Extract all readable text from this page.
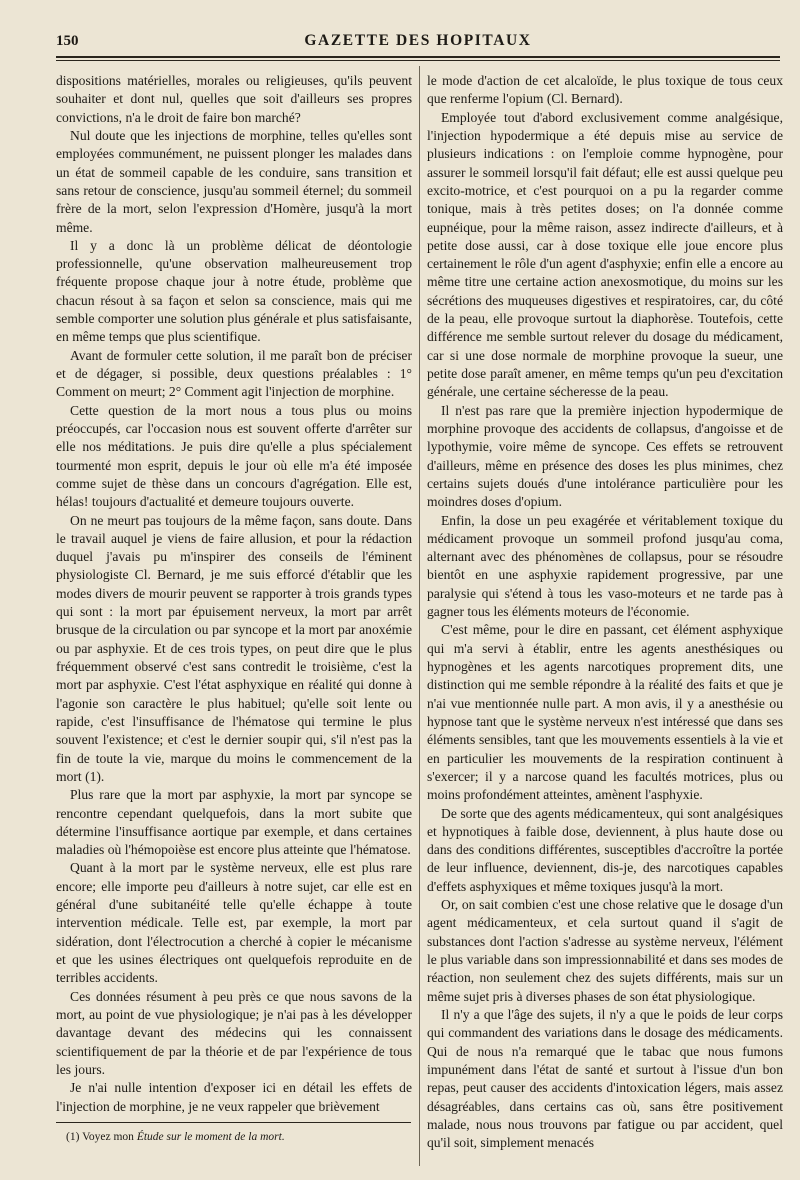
150	GAZETTE DES HOPITAUX

dispositions matérielles, morales ou religieuses, qu'ils peuvent souhaiter et dont nul, quelles que soit d'ailleurs ses propres convictions, n'a le droit de faire bon marché?

Nul doute que les injections de morphine, telles qu'elles sont employées communément, ne puissent plonger les malades dans un état de sommeil capable de les conduire, sans transition et sans retour de conscience, jusqu'au sommeil éternel; du sommeil frère de la mort, selon l'expression d'Homère, jusqu'à la mort même.

Il y a donc là un problème délicat de déontologie professionnelle, qu'une observation malheureusement trop fréquente propose chaque jour à notre étude, problème que chacun résout à sa façon et selon sa conscience, mais qui me semble comporter une solution plus générale et plus satisfaisante, en même temps que plus scientifique.

Avant de formuler cette solution, il me paraît bon de préciser et de dégager, si possible, deux questions préalables : 1° Comment on meurt; 2° Comment agit l'injection de morphine.

Cette question de la mort nous a tous plus ou moins préoccupés, car l'occasion nous est souvent offerte d'arrêter sur elle nos méditations. Je puis dire qu'elle a plus spécialement tourmenté mon esprit, depuis le jour où elle m'a été imposée comme sujet de thèse dans un concours d'agrégation. Elle est, hélas! toujours d'actualité et demeure toujours ouverte.

On ne meurt pas toujours de la même façon, sans doute. Dans le travail auquel je viens de faire allusion, et pour la rédaction duquel j'avais pu m'inspirer des conseils de l'éminent physiologiste Cl. Bernard, je me suis efforcé d'établir que les modes divers de mourir peuvent se rapporter à trois grands types qui sont : la mort par épuisement nerveux, la mort par arrêt brusque de la circulation ou par syncope et la mort par anoxémie ou par asphyxie. Et de ces trois types, on peut dire que le plus fréquemment observé c'est sans contredit le troisième, c'est la mort par asphyxie. C'est l'état asphyxique en réalité qui donne à l'agonie son caractère le plus habituel; qu'elle soit lente ou rapide, c'est l'insuffisance de l'hématose qui termine le plus souvent l'existence; et c'est le dernier soupir qui, s'il n'est pas la fin de toute la vie, marque du moins le commencement de la mort (1).

Plus rare que la mort par asphyxie, la mort par syncope se rencontre cependant quelquefois, dans la mort subite que détermine l'insuffisance aortique par exemple, et dans certaines maladies où l'hémopoièse est encore plus atteinte que l'hématose.

Quant à la mort par le système nerveux, elle est plus rare encore; elle importe peu d'ailleurs à notre sujet, car elle est en général d'une subitanéité telle qu'elle échappe à toute intervention médicale. Telle est, par exemple, la mort par sidération, dont l'électrocution a cherché à copier le mécanisme et que les usines électriques ont quelquefois reproduite en de terribles accidents.

Ces données résument à peu près ce que nous savons de la mort, au point de vue physiologique; je n'ai pas à les développer davantage devant des médecins qui les connaissent scientifiquement de par la théorie et de par l'expérience de tous les jours.

Je n'ai nulle intention d'exposer ici en détail les effets de l'injection de morphine, je ne veux rappeler que brièvement

le mode d'action de cet alcaloïde, le plus toxique de tous ceux que renferme l'opium (Cl. Bernard).

Employée tout d'abord exclusivement comme analgésique, l'injection hypodermique a été depuis mise au service de plusieurs indications : on l'emploie comme hypnogène, pour assurer le sommeil lorsqu'il fait défaut; elle est aussi quelque peu excito-motrice, et c'est pourquoi on a pu la regarder comme tonique, mais à très petites doses; on l'a donnée comme eupnéique, pour la même raison, assez indirecte d'ailleurs, et à petite dose aussi, car à dose toxique elle joue encore plus certainement le rôle d'un agent d'asphyxie; enfin elle a encore au même titre une certaine action anexosmotique, du moins sur les sécrétions des muqueuses digestives et respiratoires, car, du côté de la peau, elle provoque surtout la diaphorèse. Toutefois, cette différence me semble surtout relever du dosage du médicament, car si une dose normale de morphine provoque la sueur, une petite dose paraît amener, en même temps qu'un peu d'excitation générale, une certaine sécheresse de la peau.

Il n'est pas rare que la première injection hypodermique de morphine provoque des accidents de collapsus, d'angoisse et de lypothymie, voire même de syncope. Ces effets se retrouvent d'ailleurs, même en présence des doses les plus minimes, chez certains sujets doués d'une intolérance particulière pour les moindres doses d'opium.

Enfin, la dose un peu exagérée et véritablement toxique du médicament provoque un sommeil profond jusqu'au coma, alternant avec des phénomènes de collapsus, pour se résoudre bientôt en une asphyxie rapidement progressive, par une paralysie qui s'étend à tous les vaso-moteurs et ne tarde pas à gagner tous les éléments moteurs de l'économie.

C'est même, pour le dire en passant, cet élément asphyxique qui m'a servi à établir, entre les agents anesthésiques ou hypnogènes et les agents narcotiques proprement dits, une distinction qui me semble répondre à la réalité des faits et que je n'ai vue mentionnée nulle part. A mon avis, il y a anesthésie ou hypnose tant que le système nerveux n'est intéressé que dans ses éléments sensibles, tant que les mouvements essentiels à la vie et en particulier les mouvements de la respiration continuent à s'exercer; il y a narcose quand les facultés motrices, plus ou moins profondément atteintes, amènent l'asphyxie.

De sorte que des agents médicamenteux, qui sont analgésiques et hypnotiques à faible dose, deviennent, à plus haute dose ou dans des conditions différentes, susceptibles d'accroître la portée de leur influence, deviennent, dis-je, des narcotiques capables d'effets asphyxiques et même toxiques jusqu'à la mort.

Or, on sait combien c'est une chose relative que le dosage d'un agent médicamenteux, et cela surtout quand il s'agit de substances dont l'action s'adresse au système nerveux, l'élément le plus variable dans son impressionnabilité et dans ses modes de réaction, non seulement chez des sujets différents, mais sur un même sujet pris à diverses phases de son état physiologique.

Il n'y a que l'âge des sujets, il n'y a que le poids de leur corps qui commandent des variations dans le dosage des médicaments. Qui de nous n'a remarqué que le tabac que nous fumons impunément dans l'état de santé et surtout à l'issue d'un bon repas, peut causer des accidents d'intoxication légers, mais assez désagréables, dans certains cas où, sans être positivement malade, nous nous trouvons par fatigue ou par accident, quel qu'il soit, simplement menacés

(1) Voyez mon Étude sur le moment de la mort.
